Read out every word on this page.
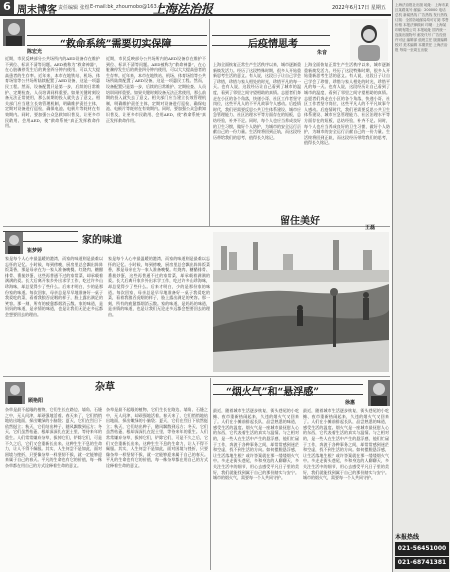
6 周末博客 责任编辑 张煜 E-mail:bk_zhoumobo@163.com
上海法治报	2022年6月17日 星期五	上海法治报社出版 地址：上海市某区某路某号 邮编：200000 电话总机 新闻热线 广告热线 发行热线 订阅：全国各地邮局均可订阅 零售价格 本报法律顾问 印刷：上海某印刷有限公司 本报地址 国内统一连续出版物号 邮发代号 广告经营许可证 编辑部 值班主任 版面编辑 校对 美术编辑 本期责任 上海法治报 每周一至周五出版
本报热线
021-56451000
021-68741381
“救命系统”需要切实保障
陈宏光
近期，市民反映部分公共场所内的AED设备存在维护不到位、标识不清等问题。AED被称为“救命神器”，在心脏骤停发生后的黄金四分钟内使用，可以大大提高患者的生存率。近年来，本市在地铁站、机场、体育场馆等公共场所陆续配置了AED设备，这是一项惠民工程。然而，设备配置只是第一步，后续的日常维护、定期检查、人员培训同样重要。如果关键时刻设备无法正常使用，那么前期的投入就失去了意义。相关部门应当建立长效管理机制，明确维护责任主体，定期对设备进行巡检，确保电池、电极片等耗材在有效期内。同时，要加强公众急救知识普及，让更多市民敢用、会用AED，使“救命系统”真正发挥救命作用。
近期，市民反映部分公共场所内的AED设备存在维护不到位、标识不清等问题。AED被称为“救命神器”，在心脏骤停发生后的黄金四分钟内使用，可以大大提高患者的生存率。近年来，本市在地铁站、机场、体育场馆等公共场所陆续配置了AED设备，这是一项惠民工程。然而，设备配置只是第一步，后续的日常维护、定期检查、人员培训同样重要。如果关键时刻设备无法正常使用，那么前期的投入就失去了意义。相关部门应当建立长效管理机制，明确维护责任主体，定期对设备进行巡检，确保电池、电极片等耗材在有效期内。同时，要加强公众急救知识普及，让更多市民敢用、会用AED，使“救命系统”真正发挥救命作用。
后疫情思考
朱音
上海全面恢复正常生产生活秩序以来，城市逐渐重新焕发活力。经历了这段特殊时期，很多人开始重新思考生活的意义。有人说，这段日子让自己学会了珍惜，珍惜与家人相处的时光，珍惜平凡的每一天。也有人说，这段经历让自己看到了城市的温度，看到了邻里之间守望相助的真情。志愿者们奔走在小区的各个角落，快递小哥、社区工作者坚守岗位，这些平凡人的不平凡故事令人感动。后疫情时代，我们更需要反思公共卫生体系建设、城市应急管理能力、社区治理水平等方面存在的短板，总结经验，补齐不足。同时，每个人也应当养成良好的卫生习惯，做好个人防护，为城市的安全运行贡献自己的一份力量。生活终将回到正轨，而这段经历带给我们的思考，值得长久铭记。
上海全面恢复正常生产生活秩序以来，城市逐渐重新焕发活力。经历了这段特殊时期，很多人开始重新思考生活的意义。有人说，这段日子让自己学会了珍惜，珍惜与家人相处的时光，珍惜平凡的每一天。也有人说，这段经历让自己看到了城市的温度，看到了邻里之间守望相助的真情。志愿者们奔走在小区的各个角落，快递小哥、社区工作者坚守岗位，这些平凡人的不平凡故事令人感动。后疫情时代，我们更需要反思公共卫生体系建设、城市应急管理能力、社区治理水平等方面存在的短板，总结经验，补齐不足。同时，每个人也应当养成良好的卫生习惯，做好个人防护，为城市的安全运行贡献自己的一份力量。生活终将回到正轨，而这段经历带给我们的思考，值得长久铭记。
家的味道
崔梦婷
家是每个人心中最温暖的港湾，而家的味道则是最难以忘怀的记忆。小时候，每到傍晚，厨房里总会飘出阵阵饭菜香，那是母亲在为一家人准备晚餐。红烧肉、糖醋排骨、番茄炒蛋，这些再普通不过的家常菜，却承载着满满的爱。长大后离开家乡外出求学工作，吃过许多山珍海味，却总觉得少了些什么。后来才明白，少的是那份家的味道。每次回家，母亲总是早早地准备好一桌子我爱吃的菜，看着我狼吞虎咽的样子，脸上露出满足的笑容。那一刻，所有的疲惫都烟消云散。家的味道，是妈妈的味道，是亲情的味道，也是让我们无论走多远都会想要回去的理由。
家是每个人心中最温暖的港湾，而家的味道则是最难以忘怀的记忆。小时候，每到傍晚，厨房里总会飘出阵阵饭菜香，那是母亲在为一家人准备晚餐。红烧肉、糖醋排骨、番茄炒蛋，这些再普通不过的家常菜，却承载着满满的爱。长大后离开家乡外出求学工作，吃过许多山珍海味，却总觉得少了些什么。后来才明白，少的是那份家的味道。每次回家，母亲总是早早地准备好一桌子我爱吃的菜，看着我狼吞虎咽的样子，脸上露出满足的笑容。那一刻，所有的疲惫都烟消云散。家的味道，是妈妈的味道，是亲情的味道，也是让我们无论走多远都会想要回去的理由。
留住美好
王磊
杂草
顾艳阳
杂草是最不起眼的植物，它们生长在路边、墙角、石缝之中，无人问津，却顽强地活着。春天来了，它们悄悄地钻出地面，探出嫩绿的小脑袋；夏天，它们在烈日下依然挺立；秋天，它们结出种子，随风飘散到远方；冬天，它们虽然枯萎，根却深深扎在泥土里，等待来年的重生。人们常常嫌弃杂草，拔掉它们，铲除它们，可是不久之后，它们又会重新长出来。这种生生不息的生命力，让人不得不佩服。其实，人生何尝不是如此，面对困境与挫折，只要像杂草一样坚韧不拔，就一定能够迎来属于自己的春天。平凡的生命也有它的价值，每一株杂草都在用自己的方式诠释着生命的意义。
杂草是最不起眼的植物，它们生长在路边、墙角、石缝之中，无人问津，却顽强地活着。春天来了，它们悄悄地钻出地面，探出嫩绿的小脑袋；夏天，它们在烈日下依然挺立；秋天，它们结出种子，随风飘散到远方；冬天，它们虽然枯萎，根却深深扎在泥土里，等待来年的重生。人们常常嫌弃杂草，拔掉它们，铲除它们，可是不久之后，它们又会重新长出来。这种生生不息的生命力，让人不得不佩服。其实，人生何尝不是如此，面对困境与挫折，只要像杂草一样坚韧不拔，就一定能够迎来属于自己的春天。平凡的生命也有它的价值，每一株杂草都在用自己的方式诠释着生命的意义。
“烟火气”和“悬浮感”
徐惠
最近，随着城市生活逐步恢复，街头巷尾的小吃摊、夜市重新热闹起来，久违的烟火气又回来了。人们在小摊前排起长队，品尝熟悉的味道，感受生活的温度。烟火气是一座城市最抚慰人心的东西，它代表着生活的真实与温情。与之相对的，是一些人在生活中产生的悬浮感，他们忙碌于工作，奔波于各种事务之间，却常常感到迷茫和空虚，找不到生活的方向。如何摆脱悬浮感，让生活落地生根？或许答案就在那一缕缕烟火气中。多走走街头巷尾，多和身边的人聊聊天，多关注生活中的细节，用心去感受平凡日子里的美好，我们就能找到属于自己的那份踏实与安宁。城市的烟火气，需要每一个人共同守护。
最近，随着城市生活逐步恢复，街头巷尾的小吃摊、夜市重新热闹起来，久违的烟火气又回来了。人们在小摊前排起长队，品尝熟悉的味道，感受生活的温度。烟火气是一座城市最抚慰人心的东西，它代表着生活的真实与温情。与之相对的，是一些人在生活中产生的悬浮感，他们忙碌于工作，奔波于各种事务之间，却常常感到迷茫和空虚，找不到生活的方向。如何摆脱悬浮感，让生活落地生根？或许答案就在那一缕缕烟火气中。多走走街头巷尾，多和身边的人聊聊天，多关注生活中的细节，用心去感受平凡日子里的美好，我们就能找到属于自己的那份踏实与安宁。城市的烟火气，需要每一个人共同守护。
